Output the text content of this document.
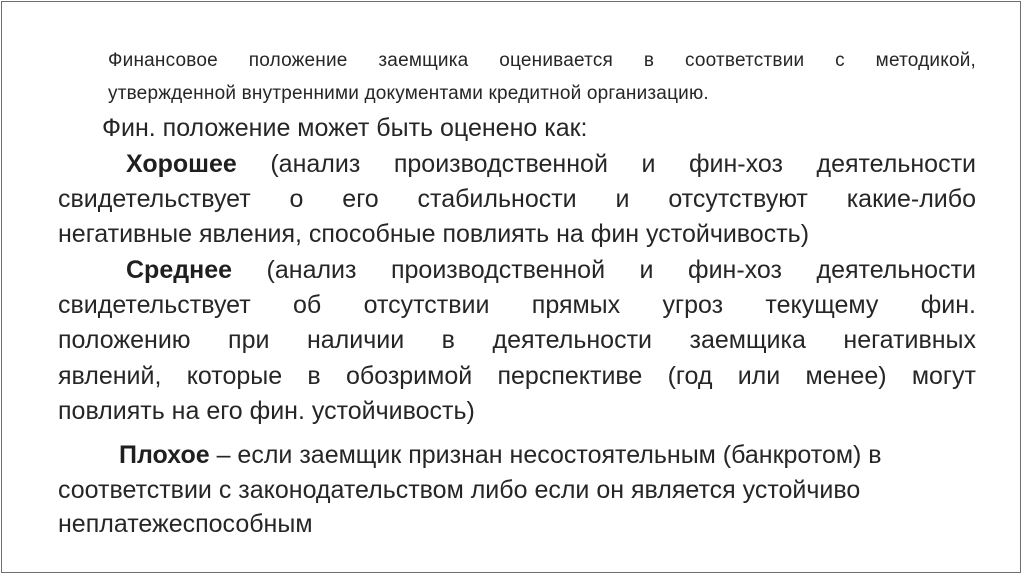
Финансовое положение заемщика оценивается в соответствии с методикой,
утвержденной внутренними документами кредитной организацию.
Фин. положение может быть оценено как:
Хорошее (анализ производственной и фин-хоз деятельности
свидетельствует о его стабильности и отсутствуют какие-либо
негативные явления, способные повлиять на фин устойчивость)
Среднее (анализ производственной и фин-хоз деятельности
свидетельствует об отсутствии прямых угроз текущему фин.
положению при наличии в деятельности заемщика негативных
явлений, которые в обозримой перспективе (год или менее) могут
повлиять на его фин. устойчивость)
Плохое – если заемщик признан несостоятельным (банкротом) в
соответствии с законодательством либо если он является устойчиво
неплатежеспособным
